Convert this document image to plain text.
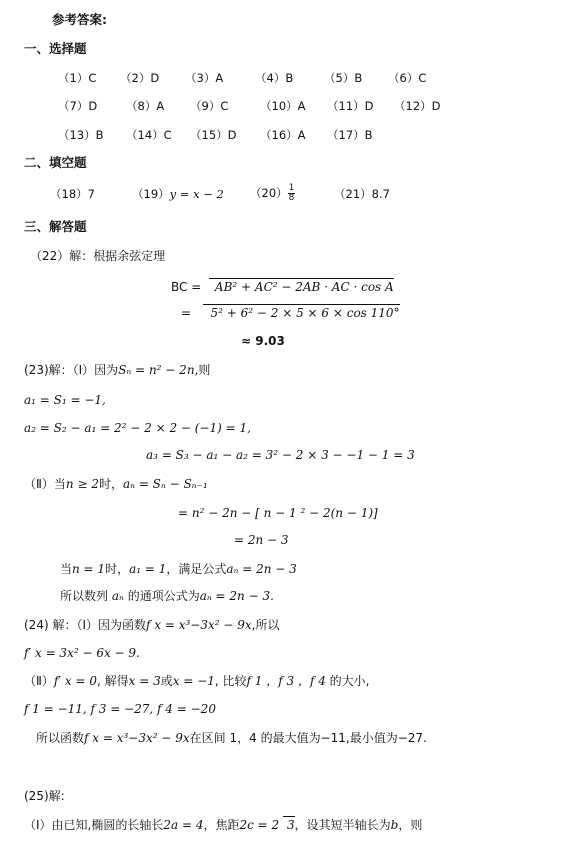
参考答案:
一、选择题
（1）C （2）D （3）A	（4）B	（5）B （6）C
（7）D	（8）A （9）C	（10）A （11）D （12）D
（13）B （14）C （15）D （16）A （17）B
二、填空题
（18）7	（19）y = x − 2 $(20) \frac{1}{8}$	（21）8.7
三、解答题
（22）解：根据余弦定理
BC = AB² + AC² − 2AB · AC · cos A
= 5² + 6² − 2 × 5 × 6 × cos 110°
≈ 9.03
(23)解：（Ⅰ）因为Sₙ = n² − 2n,则
a₁ = S₁ = −1,
a₂ = S₂ − a₁ = 2² − 2 × 2 − (−1) = 1,
a₃ = S₃ − a₁ − a₂ = 3² − 2 × 3 − −1 − 1 = 3
（Ⅱ）当n ≥ 2时，aₙ = Sₙ − Sₙ₋₁
= n² − 2n − [ n − 1 ² − 2(n − 1)]
= 2n − 3
当n = 1时，a₁ = 1，满足公式aₙ = 2n − 3
所以数列 aₙ 的通项公式为aₙ = 2n − 3.
(24) 解：（Ⅰ）因为函数f x = x³−3x² − 9x,所以
f′ x = 3x² − 6x − 9.
（Ⅱ）f′ x = 0, 解得x = 3或x = −1, 比较f 1 ，f 3 ，f 4 的大小,
f 1 = −11, f 3 = −27, f 4 = −20
所以函数f x = x³−3x² − 9x在区间 1，4 的最大值为−11,最小值为−27.
(25)解:
（Ⅰ）由已知,椭圆的长轴长2a = 4，焦距2c = 2 3，设其短半轴长为b，则
